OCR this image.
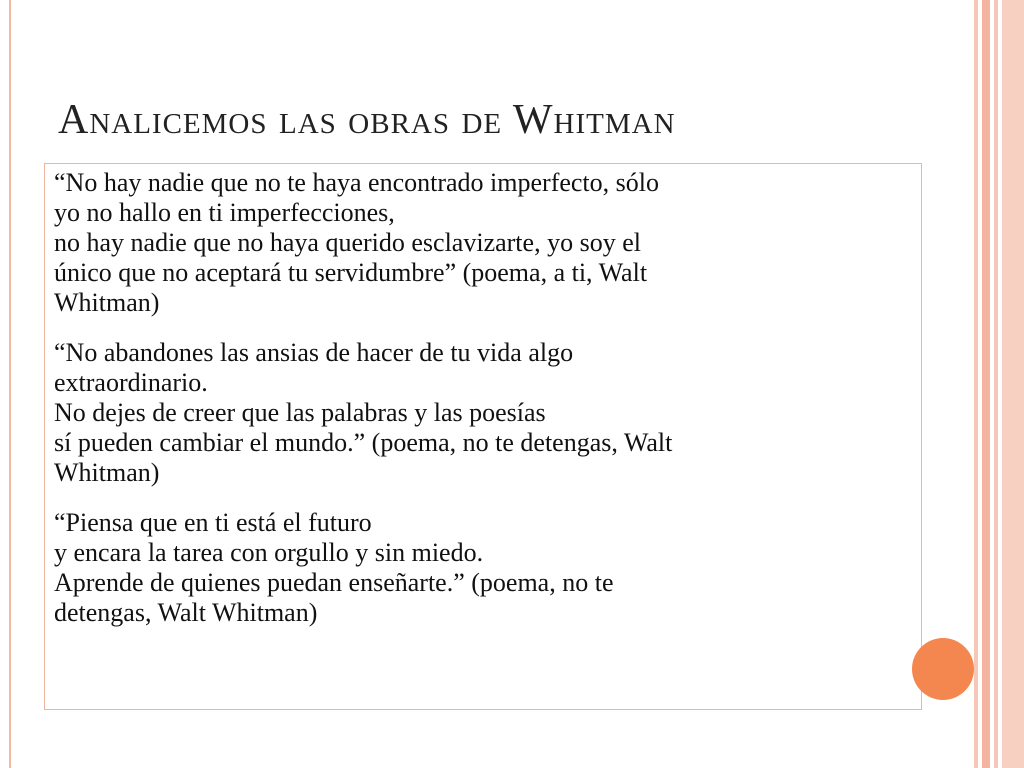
Analicemos las obras de Whitman

“No hay nadie que no te haya encontrado imperfecto, sólo
yo no hallo en ti imperfecciones,
no hay nadie que no haya querido esclavizarte, yo soy el
único que no aceptará tu servidumbre” (poema, a ti, Walt
Whitman)

“No abandones las ansias de hacer de tu vida algo
extraordinario.
No dejes de creer que las palabras y las poesías
sí pueden cambiar el mundo.” (poema, no te detengas, Walt
Whitman)

“Piensa que en ti está el futuro
y encara la tarea con orgullo y sin miedo.
Aprende de quienes puedan enseñarte.” (poema, no te
detengas, Walt Whitman)
